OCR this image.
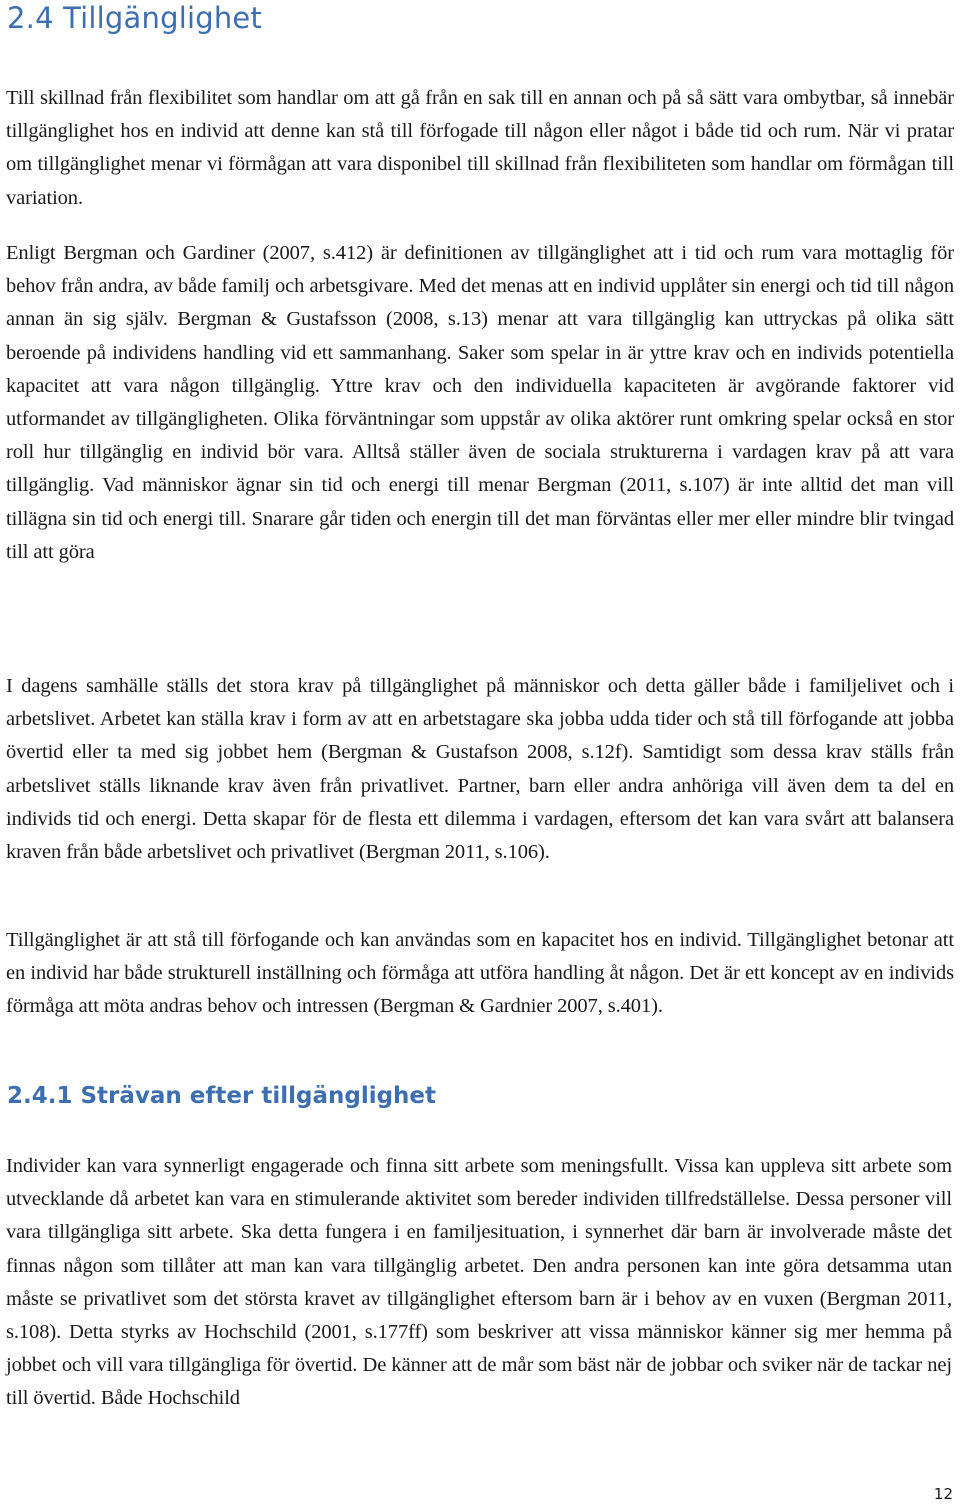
2.4 Tillgänglighet

Till skillnad från flexibilitet som handlar om att gå från en sak till en annan och på så sätt vara ombytbar, så innebär tillgänglighet hos en individ att denne kan stå till förfogade till någon eller något i både tid och rum. När vi pratar om tillgänglighet menar vi förmågan att vara disponibel till skillnad från flexibiliteten som handlar om förmågan till variation.

Enligt Bergman och Gardiner (2007, s.412) är definitionen av tillgänglighet att i tid och rum vara mottaglig för behov från andra, av både familj och arbetsgivare. Med det menas att en individ upplåter sin energi och tid till någon annan än sig själv. Bergman & Gustafsson (2008, s.13) menar att vara tillgänglig kan uttryckas på olika sätt beroende på individens handling vid ett sammanhang. Saker som spelar in är yttre krav och en individs potentiella kapacitet att vara någon tillgänglig. Yttre krav och den individuella kapaciteten är avgörande faktorer vid utformandet av tillgängligheten. Olika förväntningar som uppstår av olika aktörer runt omkring spelar också en stor roll hur tillgänglig en individ bör vara. Alltså ställer även de sociala strukturerna i vardagen krav på att vara tillgänglig. Vad människor ägnar sin tid och energi till menar Bergman (2011, s.107) är inte alltid det man vill tillägna sin tid och energi till. Snarare går tiden och energin till det man förväntas eller mer eller mindre blir tvingad till att göra

I dagens samhälle ställs det stora krav på tillgänglighet på människor och detta gäller både i familjelivet och i arbetslivet. Arbetet kan ställa krav i form av att en arbetstagare ska jobba udda tider och stå till förfogande att jobba övertid eller ta med sig jobbet hem (Bergman & Gustafson 2008, s.12f). Samtidigt som dessa krav ställs från arbetslivet ställs liknande krav även från privatlivet. Partner, barn eller andra anhöriga vill även dem ta del en individs tid och energi. Detta skapar för de flesta ett dilemma i vardagen, eftersom det kan vara svårt att balansera kraven från både arbetslivet och privatlivet (Bergman 2011, s.106).

Tillgänglighet är att stå till förfogande och kan användas som en kapacitet hos en individ. Tillgänglighet betonar att en individ har både strukturell inställning och förmåga att utföra handling åt någon. Det är ett koncept av en individs förmåga att möta andras behov och intressen (Bergman & Gardnier 2007, s.401).

2.4.1 Strävan efter tillgänglighet

Individer kan vara synnerligt engagerade och finna sitt arbete som meningsfullt. Vissa kan uppleva sitt arbete som utvecklande då arbetet kan vara en stimulerande aktivitet som bereder individen tillfredställelse. Dessa personer vill vara tillgängliga sitt arbete. Ska detta fungera i en familjesituation, i synnerhet där barn är involverade måste det finnas någon som tillåter att man kan vara tillgänglig arbetet. Den andra personen kan inte göra detsamma utan måste se privatlivet som det största kravet av tillgänglighet eftersom barn är i behov av en vuxen (Bergman 2011, s.108). Detta styrks av Hochschild (2001, s.177ff) som beskriver att vissa människor känner sig mer hemma på jobbet och vill vara tillgängliga för övertid. De känner att de mår som bäst när de jobbar och sviker när de tackar nej till övertid. Både Hochschild

12
